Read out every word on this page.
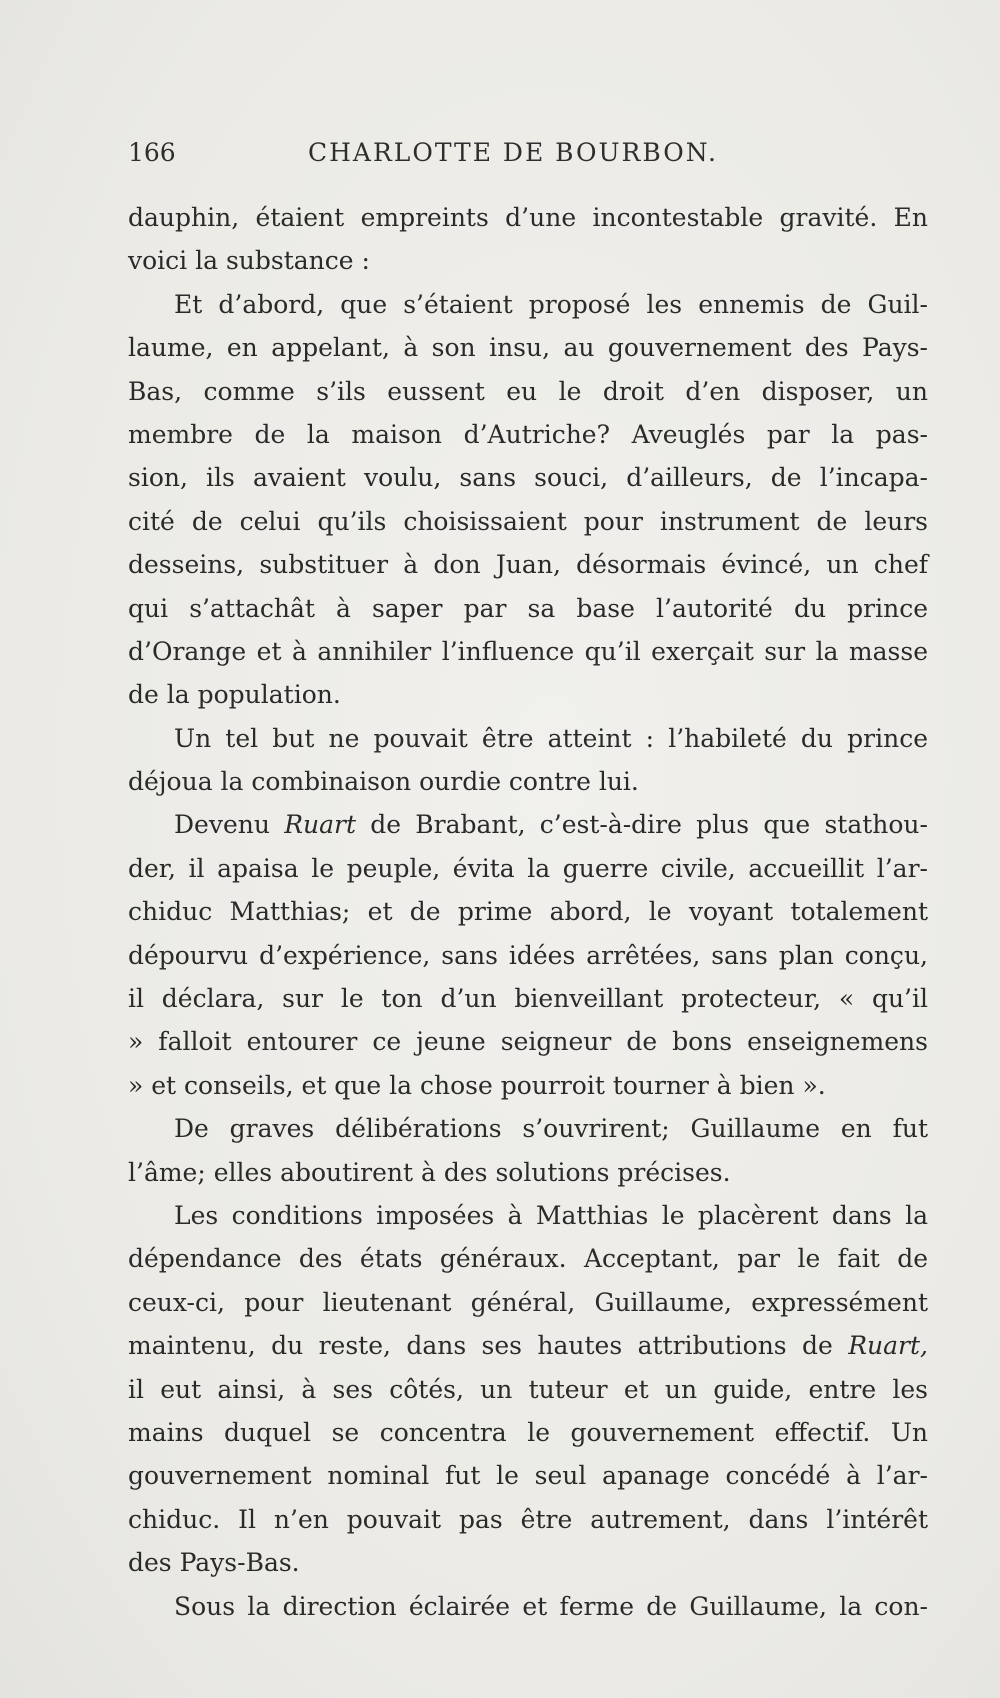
166	CHARLOTTE DE BOURBON.
dauphin, étaient empreints d’une incontestable gravité. En
voici la substance :
Et d’abord, que s’étaient proposé les ennemis de Guil-
laume, en appelant, à son insu, au gouvernement des Pays-
Bas, comme s’ils eussent eu le droit d’en disposer, un
membre de la maison d’Autriche? Aveuglés par la pas-
sion, ils avaient voulu, sans souci, d’ailleurs, de l’incapa-
cité de celui qu’ils choisissaient pour instrument de leurs
desseins, substituer à don Juan, désormais évincé, un chef
qui s’attachât à saper par sa base l’autorité du prince
d’Orange et à annihiler l’influence qu’il exerçait sur la masse
de la population.
Un tel but ne pouvait être atteint : l’habileté du prince
déjoua la combinaison ourdie contre lui.
Devenu Ruart de Brabant, c’est-à-dire plus que stathou-
der, il apaisa le peuple, évita la guerre civile, accueillit l’ar-
chiduc Matthias; et de prime abord, le voyant totalement
dépourvu d’expérience, sans idées arrêtées, sans plan conçu,
il déclara, sur le ton d’un bienveillant protecteur, « qu’il
» falloit entourer ce jeune seigneur de bons enseignemens
» et conseils, et que la chose pourroit tourner à bien ».
De graves délibérations s’ouvrirent; Guillaume en fut
l’âme; elles aboutirent à des solutions précises.
Les conditions imposées à Matthias le placèrent dans la
dépendance des états généraux. Acceptant, par le fait de
ceux-ci, pour lieutenant général, Guillaume, expressément
maintenu, du reste, dans ses hautes attributions de Ruart,
il eut ainsi, à ses côtés, un tuteur et un guide, entre les
mains duquel se concentra le gouvernement effectif. Un
gouvernement nominal fut le seul apanage concédé à l’ar-
chiduc. Il n’en pouvait pas être autrement, dans l’intérêt
des Pays-Bas.
Sous la direction éclairée et ferme de Guillaume, la con-
